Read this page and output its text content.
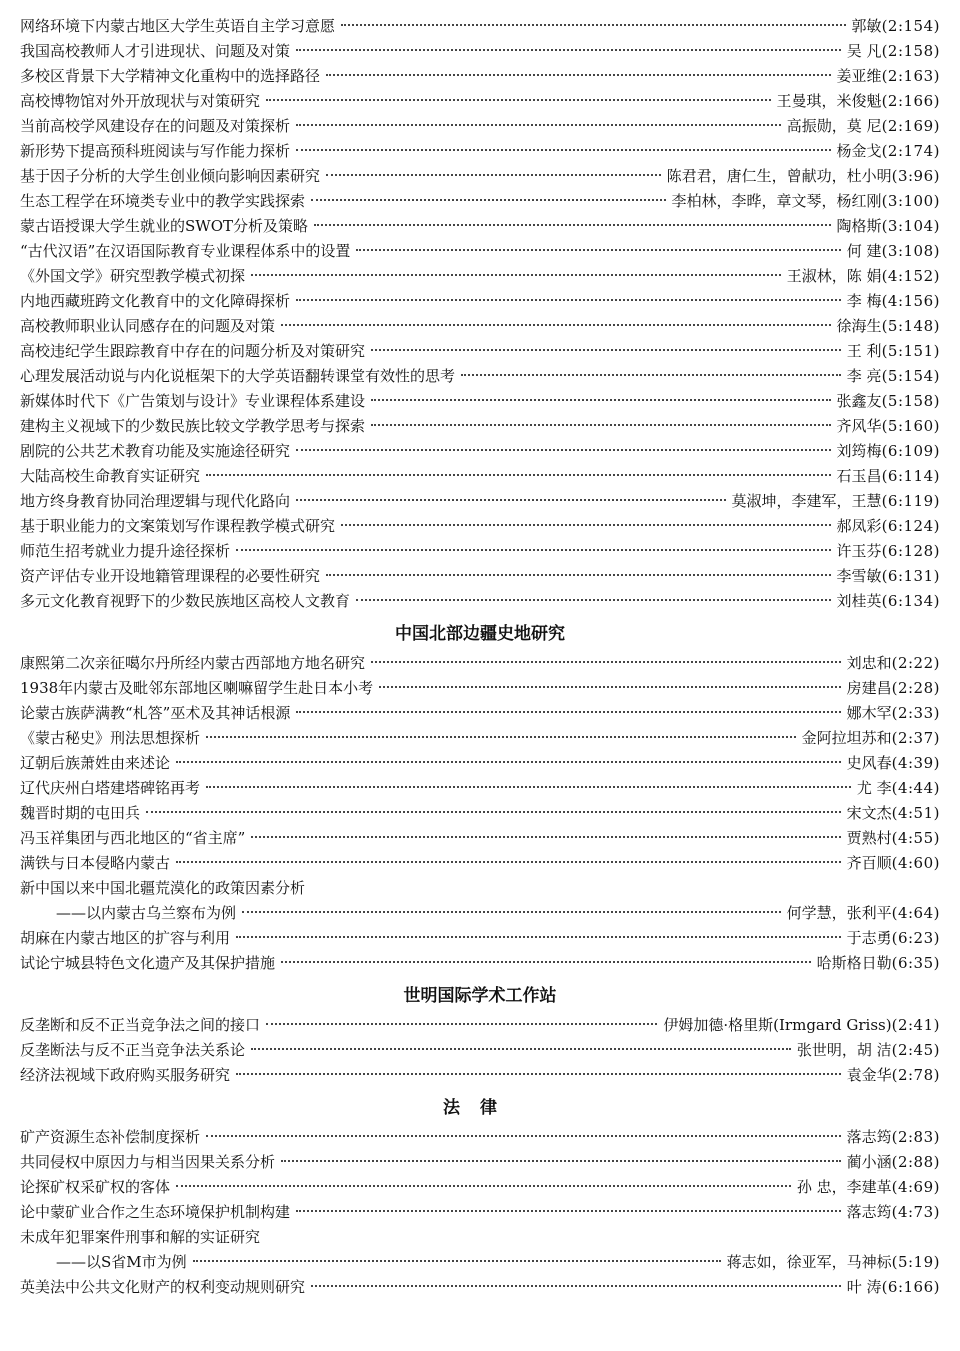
网络环境下内蒙古地区大学生英语自主学习意愿	郭敏 (2:154)
我国高校教师人才引进现状、问题及对策	吴 凡 (2:158)
多校区背景下大学精神文化重构中的选择路径	姜亚维 (2:163)
高校博物馆对外开放现状与对策研究	王曼琪，米俊魁 (2:166)
当前高校学风建设存在的问题及对策探析	高振勋，莫 尼 (2:169)
新形势下提高预科班阅读与写作能力探析	杨金戈 (2:174)
基于因子分析的大学生创业倾向影响因素研究	陈君君，唐仁生，曾献功，杜小明 (3:96)
生态工程学在环境类专业中的教学实践探索	李柏林，李晔，章文琴，杨红刚 (3:100)
蒙古语授课大学生就业的SWOT分析及策略	陶格斯 (3:104)
“古代汉语”在汉语国际教育专业课程体系中的设置	何 建 (3:108)
《外国文学》研究型教学模式初探	王淑林，陈 娟 (4:152)
内地西藏班跨文化教育中的文化障碍探析	李 梅 (4:156)
高校教师职业认同感存在的问题及对策	徐海生 (5:148)
高校违纪学生跟踪教育中存在的问题分析及对策研究	王 利 (5:151)
心理发展活动说与内化说框架下的大学英语翻转课堂有效性的思考	李 亮 (5:154)
新媒体时代下《广告策划与设计》专业课程体系建设	张鑫友 (5:158)
建构主义视域下的少数民族比较文学教学思考与探索	齐风华 (5:160)
剧院的公共艺术教育功能及实施途径研究	刘筠梅 (6:109)
大陆高校生命教育实证研究	石玉昌 (6:114)
地方终身教育协同治理逻辑与现代化路向	莫淑坤，李建军，王慧 (6:119)
基于职业能力的文案策划写作课程教学模式研究	郝凤彩 (6:124)
师范生招考就业力提升途径探析	许玉芬 (6:128)
资产评估专业开设地籍管理课程的必要性研究	李雪敏 (6:131)
多元文化教育视野下的少数民族地区高校人文教育	刘桂英 (6:134)
中国北部边疆史地研究
康熙第二次亲征噶尔丹所经内蒙古西部地方地名研究	刘忠和 (2:22)
1938年内蒙古及毗邻东部地区喇嘛留学生赴日本小考	房建昌 (2:28)
论蒙古族萨满教“札答”巫术及其神话根源	娜木罕 (2:33)
《蒙古秘史》刑法思想探析	金阿拉坦苏和 (2:37)
辽朝后族萧姓由来述论	史风春 (4:39)
辽代庆州白塔建塔碑铭再考	尤 李 (4:44)
魏晋时期的屯田兵	宋文杰 (4:51)
冯玉祥集团与西北地区的“省主席”	贾熟村 (4:55)
满铁与日本侵略内蒙古	齐百顺 (4:60)
新中国以来中国北疆荒漠化的政策因素分析
——以内蒙古乌兰察布为例	何学慧，张利平 (4:64)
胡麻在内蒙古地区的扩容与利用	于志勇 (6:23)
试论宁城县特色文化遗产及其保护措施	哈斯格日勒 (6:35)
世明国际学术工作站
反垄断和反不正当竞争法之间的接口	伊姆加德·格里斯(Irmgard Griss) (2:41)
反垄断法与反不正当竞争法关系论	张世明，胡 洁 (2:45)
经济法视域下政府购买服务研究	袁金华 (2:78)
法律
矿产资源生态补偿制度探析	落志筠 (2:83)
共同侵权中原因力与相当因果关系分析	蔺小涵 (2:88)
论探矿权采矿权的客体	孙 忠，李建革 (4:69)
论中蒙矿业合作之生态环境保护机制构建	落志筠 (4:73)
未成年犯罪案件刑事和解的实证研究
——以S省M市为例	蒋志如，徐亚军，马神标 (5:19)
英美法中公共文化财产的权利变动规则研究	叶 涛 (6:166)
